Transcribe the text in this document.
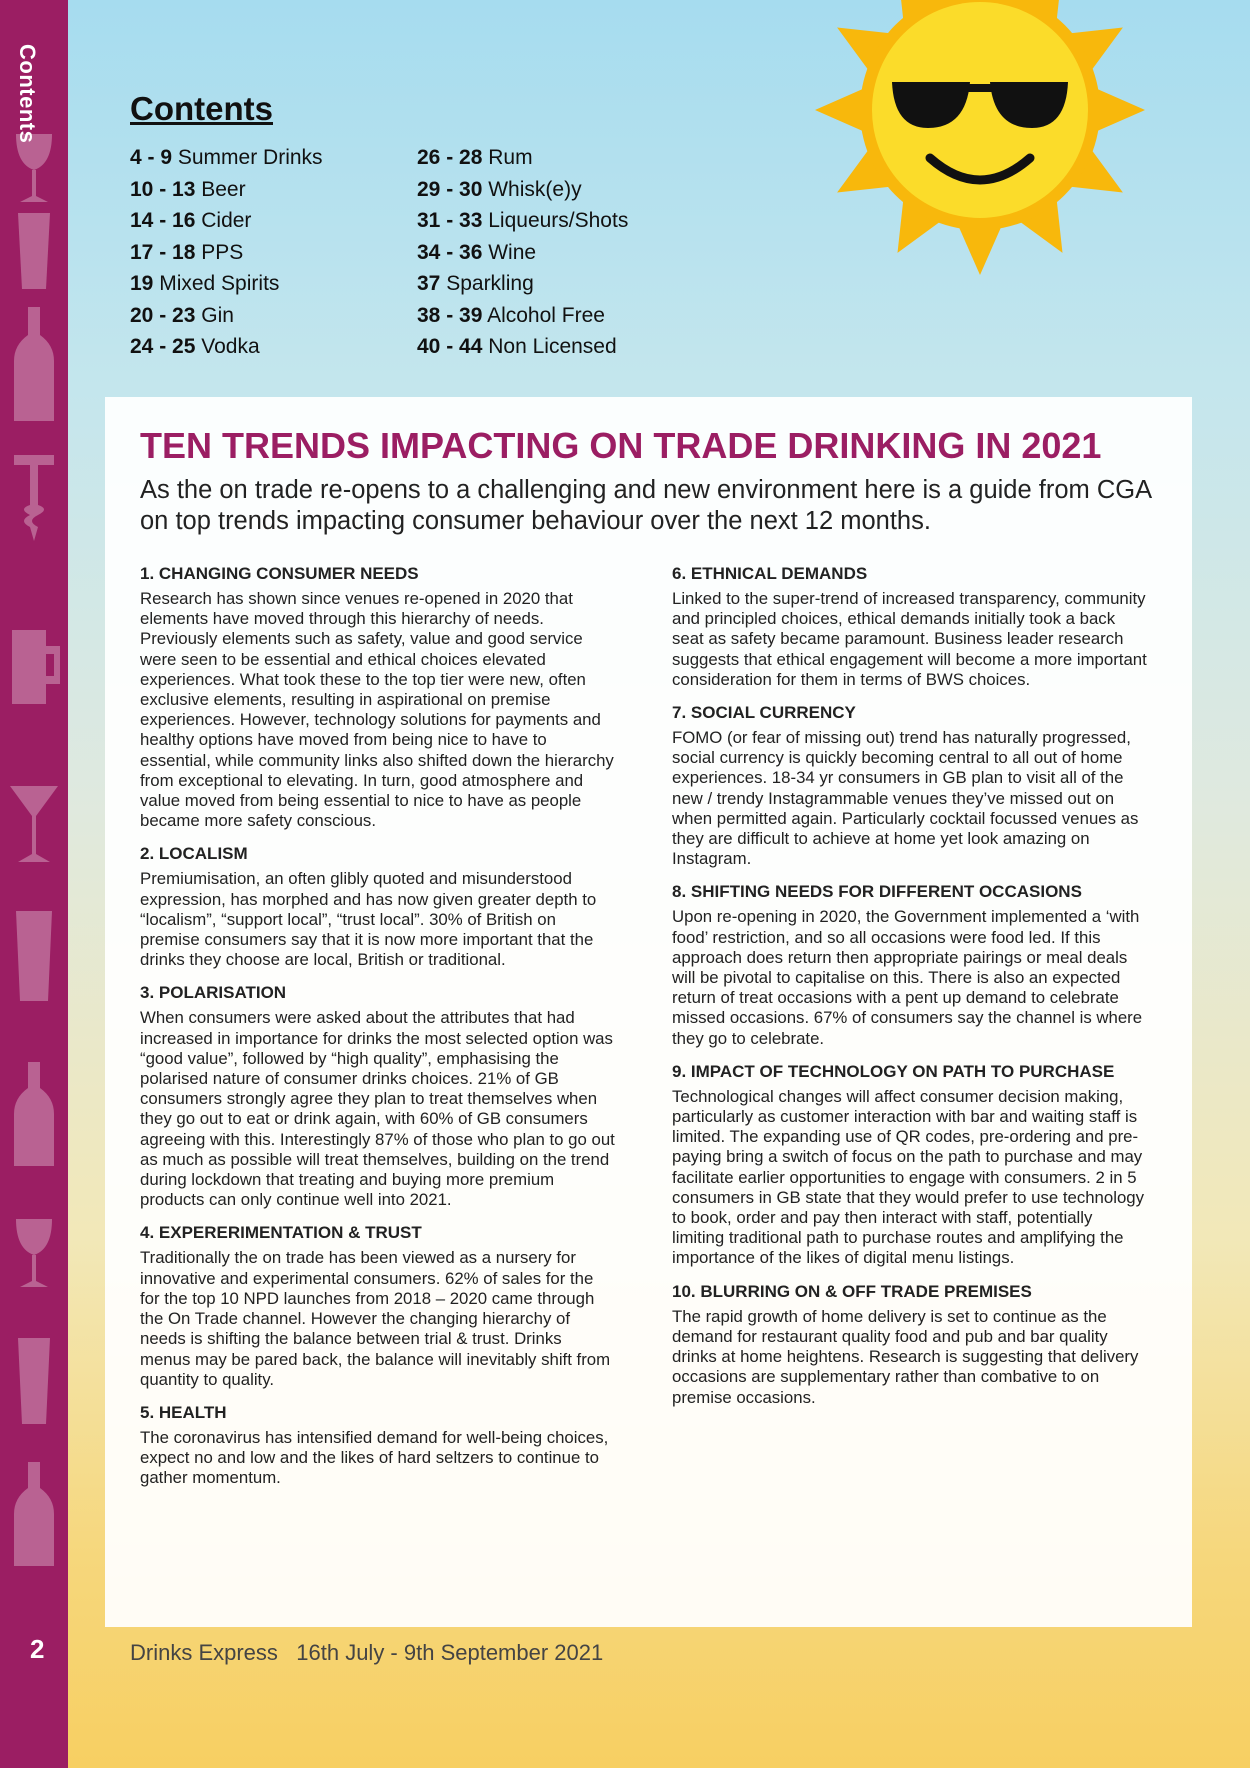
Contents
2
Contents
4 - 9 Summer Drinks	26 - 28 Rum
10 - 13 Beer	29 - 30 Whisk(e)y
14 - 16 Cider	31 - 33 Liqueurs/Shots
17 - 18 PPS	34 - 36 Wine
19 Mixed Spirits	37 Sparkling
20 - 23 Gin	38 - 39 Alcohol Free
24 - 25 Vodka	40 - 44 Non Licensed
TEN TRENDS IMPACTING ON TRADE DRINKING IN 2021

As the on trade re-opens to a challenging and new environment here is a guide from CGA on top trends impacting consumer behaviour over the next 12 months.

1. CHANGING CONSUMER NEEDS

Research has shown since venues re-opened in 2020 that elements have moved through this hierarchy of needs. Previously elements such as safety, value and good service were seen to be essential and ethical choices elevated experiences. What took these to the top tier were new, often exclusive elements, resulting in aspirational on premise experiences. However, technology solutions for payments and healthy options have moved from being nice to have to essential, while community links also shifted down the hierarchy from exceptional to elevating. In turn, good atmosphere and value moved from being essential to nice to have as people became more safety conscious.

2. LOCALISM

Premiumisation, an often glibly quoted and misunderstood expression, has morphed and has now given greater depth to “localism”, “support local”, “trust local”. 30% of British on premise consumers say that it is now more important that the drinks they choose are local, British or traditional.

3. POLARISATION

When consumers were asked about the attributes that had increased in importance for drinks the most selected option was “good value”, followed by “high quality”, emphasising the polarised nature of consumer drinks choices. 21% of GB consumers strongly agree they plan to treat themselves when they go out to eat or drink again, with 60% of GB consumers agreeing with this. Interestingly 87% of those who plan to go out as much as possible will treat themselves, building on the trend during lockdown that treating and buying more premium products can only continue well into 2021.

4. EXPERERIMENTATION & TRUST

Traditionally the on trade has been viewed as a nursery for innovative and experimental consumers. 62% of sales for the for the top 10 NPD launches from 2018 – 2020 came through the On Trade channel. However the changing hierarchy of needs is shifting the balance between trial & trust. Drinks menus may be pared back, the balance will inevitably shift from quantity to quality.

5. HEALTH

The coronavirus has intensified demand for well-being choices, expect no and low and the likes of hard seltzers to continue to gather momentum.

6. ETHNICAL DEMANDS

Linked to the super-trend of increased transparency, community and principled choices, ethical demands initially took a back seat as safety became paramount. Business leader research suggests that ethical engagement will become a more important consideration for them in terms of BWS choices.

7. SOCIAL CURRENCY

FOMO (or fear of missing out) trend has naturally progressed, social currency is quickly becoming central to all out of home experiences. 18-34 yr consumers in GB plan to visit all of the new / trendy Instagrammable venues they’ve missed out on when permitted again. Particularly cocktail focussed venues as they are difficult to achieve at home yet look amazing on Instagram.

8. SHIFTING NEEDS FOR DIFFERENT OCCASIONS

Upon re-opening in 2020, the Government implemented a ‘with food’ restriction, and so all occasions were food led. If this approach does return then appropriate pairings or meal deals will be pivotal to capitalise on this. There is also an expected return of treat occasions with a pent up demand to celebrate missed occasions. 67% of consumers say the channel is where they go to celebrate.

9. IMPACT OF TECHNOLOGY ON PATH TO PURCHASE

Technological changes will affect consumer decision making, particularly as customer interaction with bar and waiting staff is limited. The expanding use of QR codes, pre-ordering and pre-paying bring a switch of focus on the path to purchase and may facilitate earlier opportunities to engage with consumers. 2 in 5 consumers in GB state that they would prefer to use technology to book, order and pay then interact with staff, potentially limiting traditional path to purchase routes and amplifying the importance of the likes of digital menu listings.

10. BLURRING ON & OFF TRADE PREMISES

The rapid growth of home delivery is set to continue as the demand for restaurant quality food and pub and bar quality drinks at home heightens. Research is suggesting that delivery occasions are supplementary rather than combative to on premise occasions.

Drinks Express 16th July - 9th September 2021
